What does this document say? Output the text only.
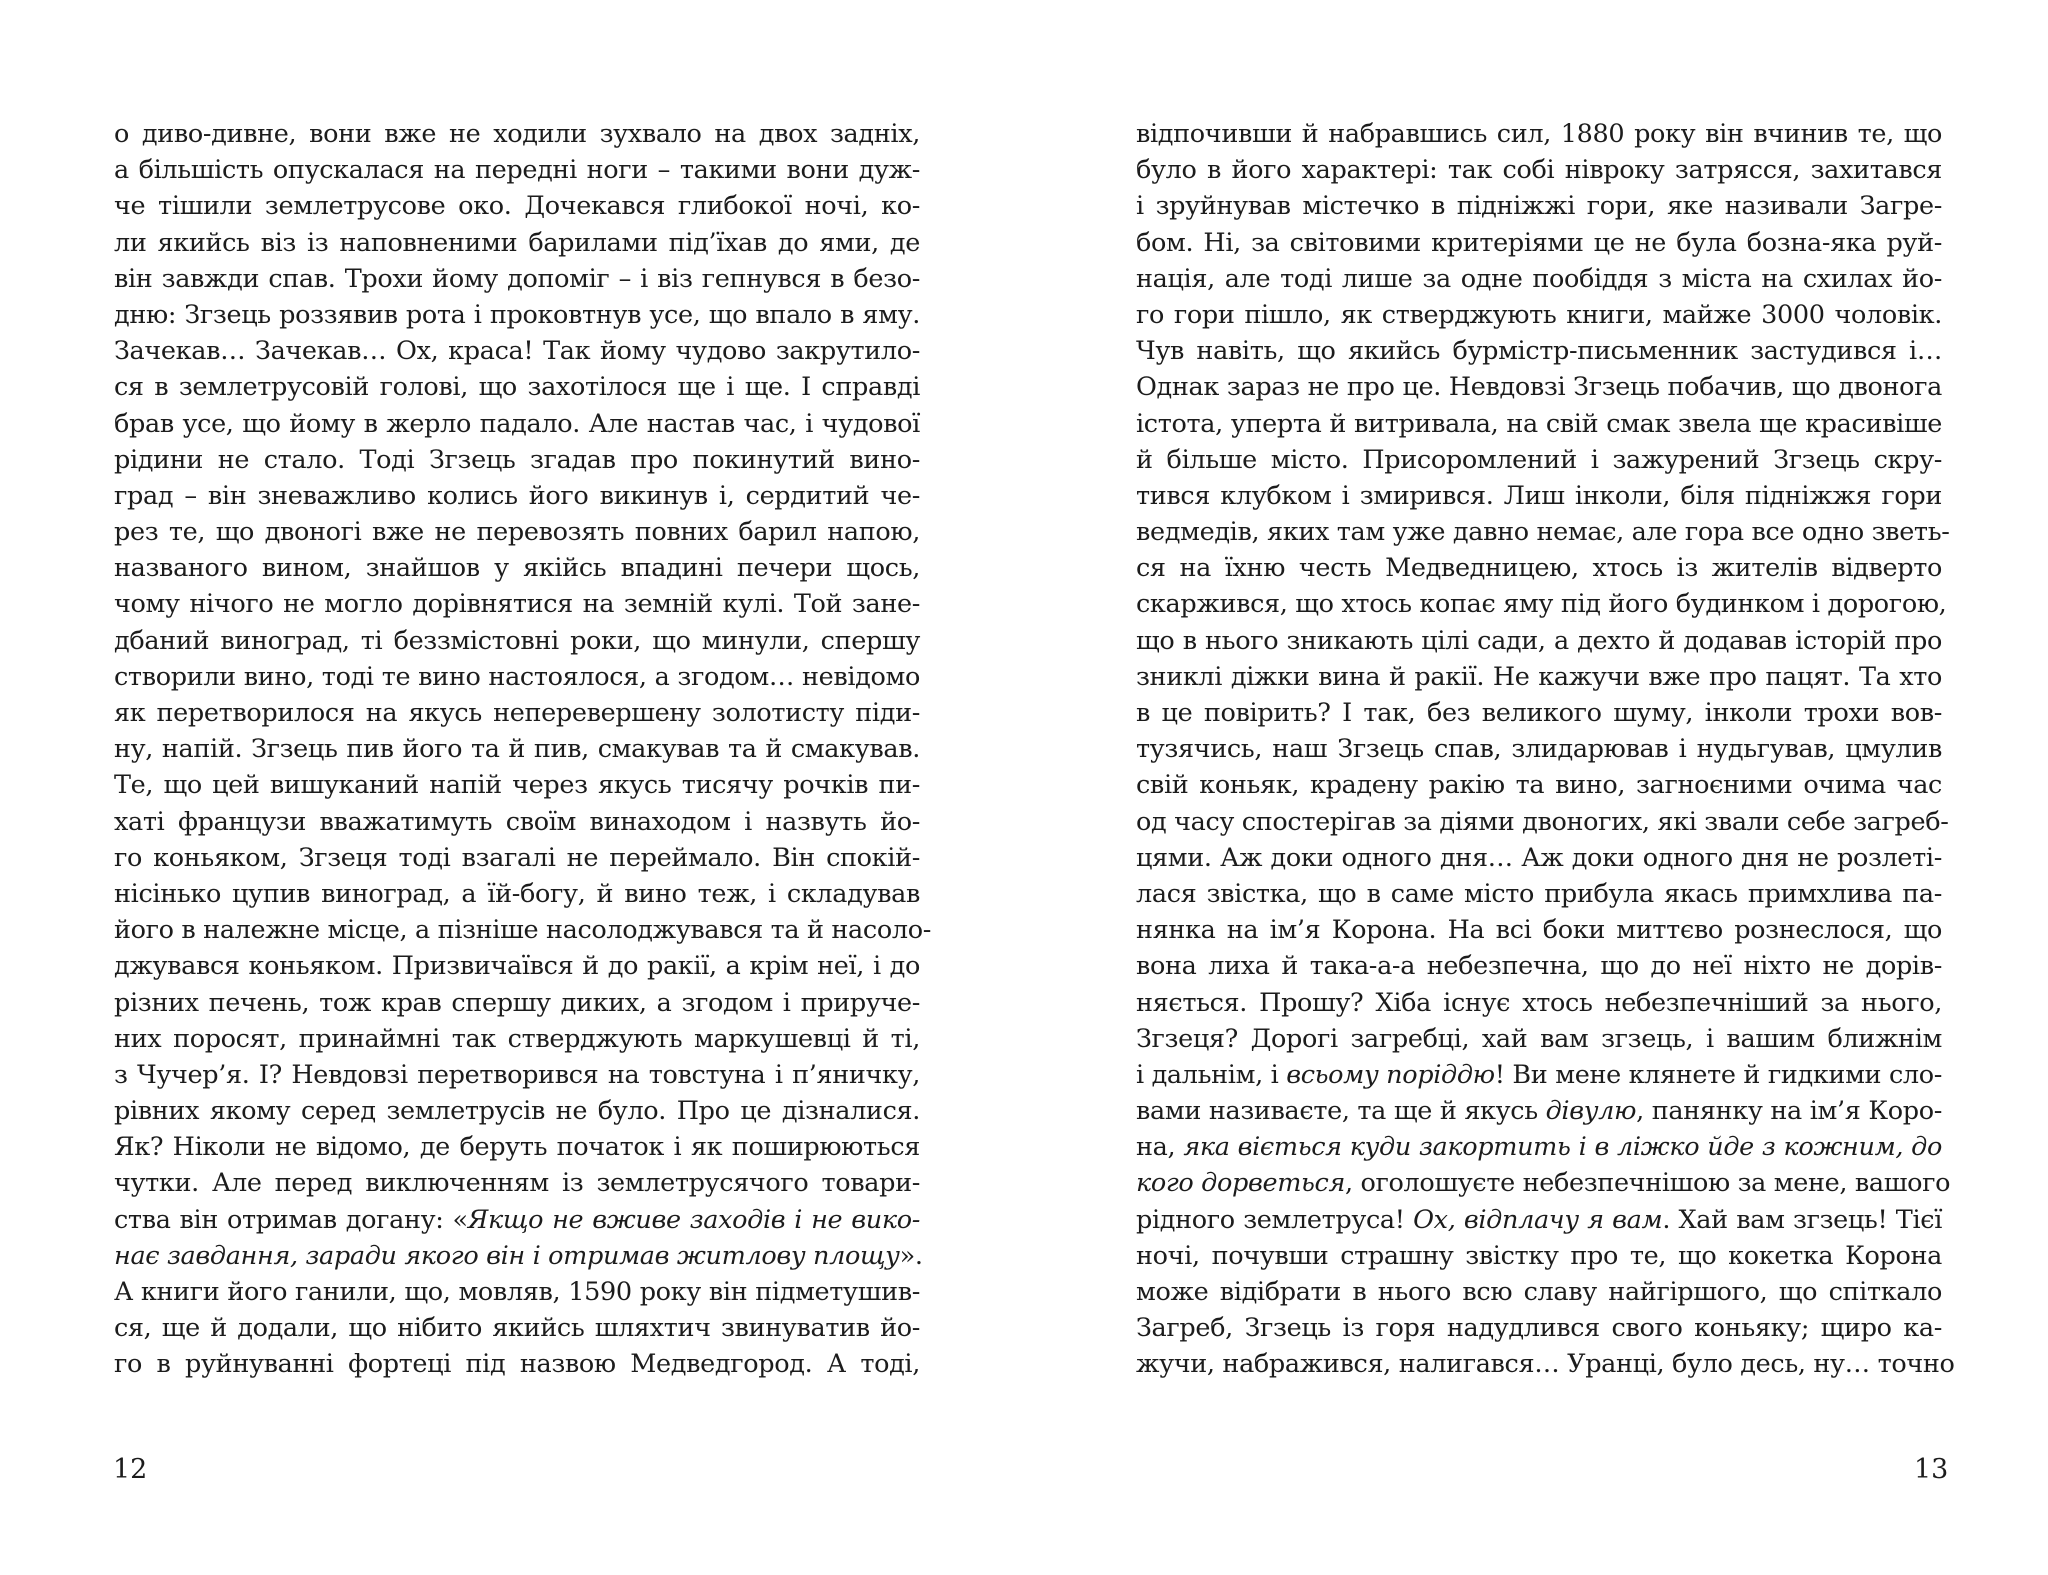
о диво-дивне, вони вже не ходили зухвало на двох задніх,
а більшість опускалася на передні ноги – такими вони дуж-
че тішили землетрусове око. Дочекався глибокої ночі, ко-
ли якийсь віз із наповненими барилами під’їхав до ями, де
він завжди спав. Трохи йому допоміг – і віз гепнувся в безо-
дню: Згзець роззявив рота і проковтнув усе, що впало в яму.
Зачекав… Зачекав… Ох, краса! Так йому чудово закрутило-
ся в землетрусовій голові, що захотілося ще і ще. І справді
брав усе, що йому в жерло падало. Але настав час, і чудової
рідини не стало. Тоді Згзець згадав про покинутий вино-
град – він зневажливо колись його викинув і, сердитий че-
рез те, що двоногі вже не перевозять повних барил напою,
названого вином, знайшов у якійсь впадині печери щось,
чому нічого не могло дорівнятися на земній кулі. Той зане-
дбаний виноград, ті беззмістовні роки, що минули, спершу
створили вино, тоді те вино настоялося, а згодом… невідомо
як перетворилося на якусь неперевершену золотисту піди-
ну, напій. Згзець пив його та й пив, смакував та й смакував.
Те, що цей вишуканий напій через якусь тисячу рочків пи-
хаті французи вважатимуть своїм винаходом і назвуть йо-
го коньяком, Згзеця тоді взагалі не переймало. Він спокій-
нісінько цупив виноград, а їй-богу, й вино теж, і складував
його в належне місце, а пізніше насолоджувався та й насоло-
джувався коньяком. Призвичаївся й до ракії, а крім неї, і до
різних печень, тож крав спершу диких, а згодом і приручe-
них поросят, принаймні так стверджують маркушевці й ті,
з Чучер’я. І? Невдовзі перетворився на товстуна і п’яничку,
рівних якому серед землетрусів не було. Про це дізналися.
Як? Ніколи не відомо, де беруть початок і як поширюються
чутки. Але перед виключенням із землетрусячого товари-
ства він отримав догану: «Якщо не вживе заходів і не вико-
нає завдання, заради якого він і отримав житлову площу».
А книги його ганили, що, мовляв, 1590 року він підметушив-
ся, ще й додали, що нібито якийсь шляхтич звинуватив йо-
го в руйнуванні фортеці під назвою Медведгород. А тоді,
12
відпочивши й набравшись сил, 1880 року він вчинив те, що
було в його характері: так собі нівроку затрясся, захитався
і зруйнував містечко в підніжжі гори, яке називали Загре-
бом. Ні, за світовими критеріями це не була бозна-яка руй-
нація, але тоді лише за одне пообіддя з міста на схилах йо-
го гори пішло, як стверджують книги, майже 3000 чоловік.
Чув навіть, що якийсь бурмістр-письменник застудився і…
Однак зараз не про це. Невдовзі Згзець побачив, що двонога
істота, уперта й витривала, на свій смак звела ще красивіше
й більше місто. Присоромлений і зажурений Згзець скру-
тився клубком і змирився. Лиш інколи, біля підніжжя гори
ведмедів, яких там уже давно немає, але гора все одно зветь-
ся на їхню честь Медведницею, хтось із жителів відверто
скаржився, що хтось копає яму під його будинком і дорогою,
що в нього зникають цілі сади, а дехто й додавав історій про
зниклі діжки вина й ракії. Не кажучи вже про пацят. Та хто
в це повірить? І так, без великого шуму, інколи трохи вов-
тузячись, наш Згзець спав, злидарював і нудьгував, цмулив
свій коньяк, крадену ракію та вино, загноєними очима час
од часу спостерігав за діями двоногих, які звали себе загреб-
цями. Аж доки одного дня… Аж доки одного дня не розлеті-
лася звістка, що в саме місто прибула якась примхлива па-
нянка на ім’я Корона. На всі боки миттєво рознеслося, що
вона лиха й така-а-а небезпечна, що до неї ніхто не дорів-
няється. Прошу? Хіба існує хтось небезпечніший за нього,
Згзеця? Дорогі загребці, хай вам згзець, і вашим ближнім
і дальнім, і всьому поріддю! Ви мене клянете й гидкими сло-
вами називаєте, та ще й якусь дівулю, панянку на ім’я Коро-
на, яка віється куди закортить і в ліжко йде з кожним, до
кого дорветься, оголошуєте небезпечнішою за мене, вашого
рідного землетруса! Ох, відплачу я вам. Хай вам згзець! Тієї
ночі, почувши страшну звістку про те, що кокетка Корона
може відібрати в нього всю славу найгіршого, що спіткало
Загреб, Згзець із горя надудлився свого коньяку; щиро ка-
жучи, набражився, налигався… Уранці, було десь, ну… точно
13
